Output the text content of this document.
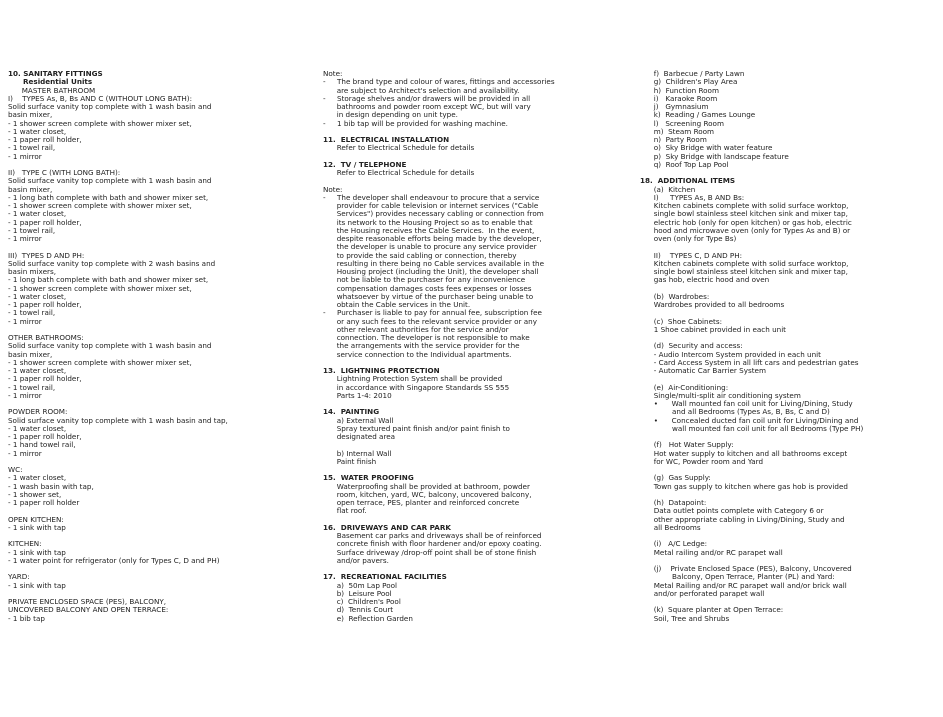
10. SANITARY FITTINGS
Residential Units
MASTER BATHROOM
I)    TYPES As, B, Bs AND C (WITHOUT LONG BATH):
Solid surface vanity top complete with 1 wash basin and
basin mixer,
- 1 shower screen complete with shower mixer set,
- 1 water closet,
- 1 paper roll holder,
- 1 towel rail,
- 1 mirror

II)   TYPE C (WITH LONG BATH):
Solid surface vanity top complete with 1 wash basin and
basin mixer,
- 1 long bath complete with bath and shower mixer set,
- 1 shower screen complete with shower mixer set,
- 1 water closet,
- 1 paper roll holder,
- 1 towel rail,
- 1 mirror

III)  TYPES D AND PH:
Solid surface vanity top complete with 2 wash basins and
basin mixers,
- 1 long bath complete with bath and shower mixer set,
- 1 shower screen complete with shower mixer set,
- 1 water closet,
- 1 paper roll holder,
- 1 towel rail,
- 1 mirror

OTHER BATHROOMS:
Solid surface vanity top complete with 1 wash basin and
basin mixer,
- 1 shower screen complete with shower mixer set,
- 1 water closet,
- 1 paper roll holder,
- 1 towel rail,
- 1 mirror

POWDER ROOM:
Solid surface vanity top complete with 1 wash basin and tap,
- 1 water closet,
- 1 paper roll holder,
- 1 hand towel rail,
- 1 mirror

WC:
- 1 water closet,
- 1 wash basin with tap,
- 1 shower set,
- 1 paper roll holder

OPEN KITCHEN:
- 1 sink with tap

KITCHEN:
- 1 sink with tap
- 1 water point for refrigerator (only for Types C, D and PH)

YARD:
- 1 sink with tap

PRIVATE ENCLOSED SPACE (PES), BALCONY,
UNCOVERED BALCONY AND OPEN TERRACE:
- 1 bib tap
Note:
-     The brand type and colour of wares, fittings and accessories
are subject to Architect's selection and availability.
-     Storage shelves and/or drawers will be provided in all
bathrooms and powder room except WC, but will vary
in design depending on unit type.
-     1 bib tap will be provided for washing machine.

11.  ELECTRICAL INSTALLATION
Refer to Electrical Schedule for details

12.  TV / TELEPHONE
Refer to Electrical Schedule for details

Note:
-     The developer shall endeavour to procure that a service
provider for cable television or internet services ("Cable
Services") provides necessary cabling or connection from
its network to the Housing Project so as to enable that
the Housing receives the Cable Services.  In the event,
despite reasonable efforts being made by the developer,
the developer is unable to procure any service provider
to provide the said cabling or connection, thereby
resulting in there being no Cable services available in the
Housing project (including the Unit), the developer shall
not be liable to the purchaser for any inconvenience
compensation damages costs fees expenses or losses
whatsoever by virtue of the purchaser being unable to
obtain the Cable services in the Unit.
-     Purchaser is liable to pay for annual fee, subscription fee
or any such fees to the relevant service provider or any
other relevant authorities for the service and/or
connection. The developer is not responsible to make
the arrangements with the service provider for the
service connection to the Individual apartments.

13.  LIGHTNING PROTECTION
Lightning Protection System shall be provided
in accordance with Singapore Standards SS 555
Parts 1-4: 2010

14.  PAINTING
a) External Wall
Spray textured paint finish and/or paint finish to
designated area

b) Internal Wall
Paint finish

15.  WATER PROOFING
Waterproofing shall be provided at bathroom, powder
room, kitchen, yard, WC, balcony, uncovered balcony,
open terrace, PES, planter and reinforced concrete
flat roof.

16.  DRIVEWAYS AND CAR PARK
Basement car parks and driveways shall be of reinforced
concrete finish with floor hardener and/or epoxy coating.
Surface driveway /drop-off point shall be of stone finish
and/or pavers.

17.  RECREATIONAL FACILITIES
a)  50m Lap Pool
b)  Leisure Pool
c)  Children's Pool
d)  Tennis Court
e)  Reflection Garden
f)  Barbecue / Party Lawn
g)  Children's Play Area
h)  Function Room
i)   Karaoke Room
j)   Gymnasium
k)  Reading / Games Lounge
l)   Screening Room
m)  Steam Room
n)  Party Room
o)  Sky Bridge with water feature
p)  Sky Bridge with landscape feature
q)  Roof Top Lap Pool

18.  ADDITIONAL ITEMS
(a)  Kitchen
I)     TYPES As, B AND Bs:
Kitchen cabinets complete with solid surface worktop,
single bowl stainless steel kitchen sink and mixer tap,
electric hob (only for open kitchen) or gas hob, electric
hood and microwave oven (only for Types As and B) or
oven (only for Type Bs)

II)    TYPES C, D AND PH:
Kitchen cabinets complete with solid surface worktop,
single bowl stainless steel kitchen sink and mixer tap,
gas hob, electric hood and oven

(b)  Wardrobes:
Wardrobes provided to all bedrooms

(c)  Shoe Cabinets:
1 Shoe cabinet provided in each unit

(d)  Security and access:
- Audio Intercom System provided in each unit
- Card Access System in all lift cars and pedestrian gates
- Automatic Car Barrier System

(e)  Air-Conditioning:
Single/multi-split air conditioning system
•      Wall mounted fan coil unit for Living/Dining, Study
and all Bedrooms (Types As, B, Bs, C and D)
•      Concealed ducted fan coil unit for Living/Dining and
wall mounted fan coil unit for all Bedrooms (Type PH)

(f)   Hot Water Supply:
Hot water supply to kitchen and all bathrooms except
for WC, Powder room and Yard

(g)  Gas Supply:
Town gas supply to kitchen where gas hob is provided

(h)  Datapoint:
Data outlet points complete with Category 6 or
other appropriate cabling in Living/Dining, Study and
all Bedrooms

(i)   A/C Ledge:
Metal railing and/or RC parapet wall

(j)    Private Enclosed Space (PES), Balcony, Uncovered
Balcony, Open Terrace, Planter (PL) and Yard:
Metal Railing and/or RC parapet wall and/or brick wall
and/or perforated parapet wall

(k)  Square planter at Open Terrace:
Soil, Tree and Shrubs
